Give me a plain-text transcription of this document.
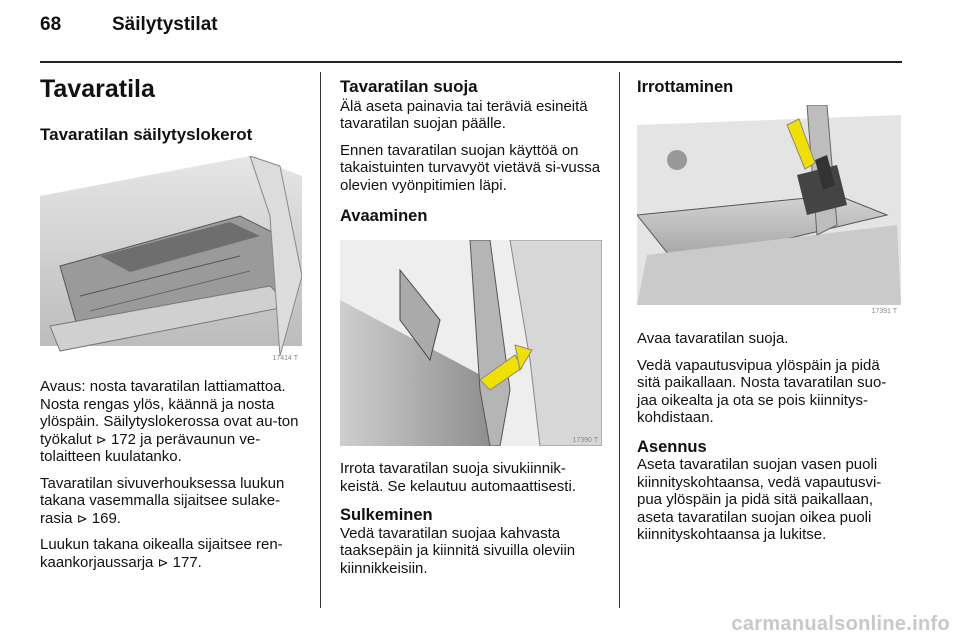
68	Säilytystilat
Tavaratila
Tavaratilan säilytyslokerot
17414 T

Avaus: nosta tavaratilan lattiamattoa. Nosta rengas ylös, käännä ja nosta ylöspäin. Säilytyslokerossa ovat au-ton työkalut ⊳ 172 ja perävaunun ve-tolaitteen kuulatanko.

Tavaratilan sivuverhouksessa luukun takana vasemmalla sijaitsee sulake-rasia ⊳ 169.

Luukun takana oikealla sijaitsee ren-kaankorjaussarja ⊳ 177.

Tavaratilan suoja

Älä aseta painavia tai teräviä esineitä tavaratilan suojan päälle.

Ennen tavaratilan suojan käyttöä on takaistuinten turvavyöt vietävä si-vussa olevien vyönpitimien läpi.

Avaaminen
17390 T

Irrota tavaratilan suoja sivukiinnik-keistä. Se kelautuu automaattisesti.

Sulkeminen

Vedä tavaratilan suojaa kahvasta taaksepäin ja kiinnitä sivuilla oleviin kiinnikkeisiin.

Irrottaminen
17391 T

Avaa tavaratilan suoja.

Vedä vapautusvipua ylöspäin ja pidä sitä paikallaan. Nosta tavaratilan suo-jaa oikealta ja ota se pois kiinnitys-kohdistaan.

Asennus

Aseta tavaratilan suojan vasen puoli kiinnityskohtaansa, vedä vapautusvi-pua ylöspäin ja pidä sitä paikallaan, aseta tavaratilan suojan oikea puoli kiinnityskohtaansa ja lukitse.

carmanualsonline.info
